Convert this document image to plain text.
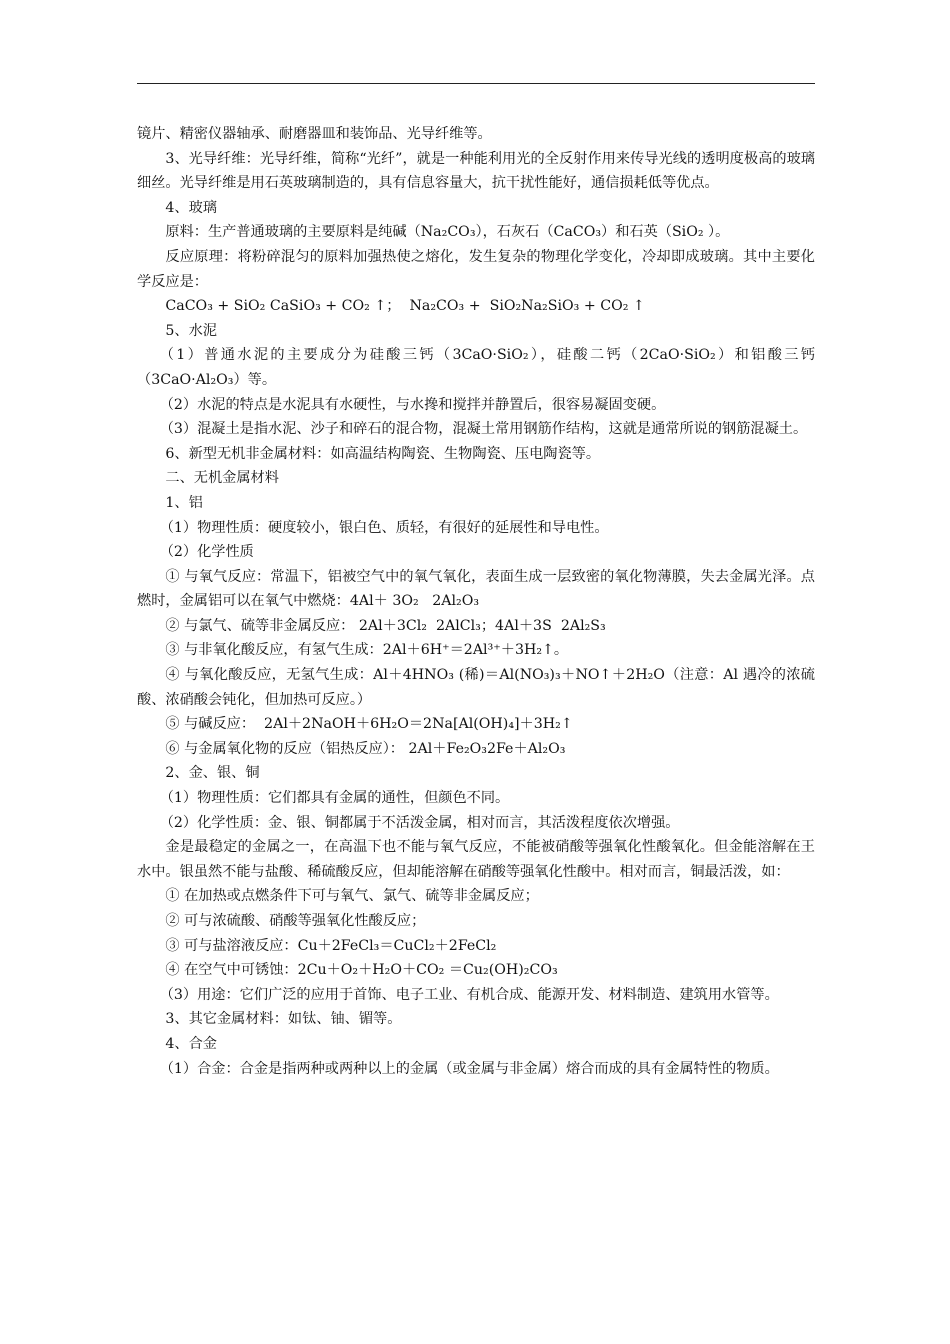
镜片、精密仪器轴承、耐磨器皿和装饰品、光导纤维等。

3、光导纤维：光导纤维，简称“光纤”，就是一种能利用光的全反射作用来传导光线的透明度极高的玻璃细丝。光导纤维是用石英玻璃制造的，具有信息容量大，抗干扰性能好，通信损耗低等优点。

4、玻璃

原料：生产普通玻璃的主要原料是纯碱（Na₂CO₃），石灰石（CaCO₃）和石英（SiO₂ ）。

反应原理：将粉碎混匀的原料加强热使之熔化，发生复杂的物理化学变化，冷却即成玻璃。其中主要化学反应是：

CaCO₃ + SiO₂ CaSiO₃ + CO₂ ↑；  Na₂CO₃ +  SiO₂Na₂SiO₃ + CO₂ ↑

5、水泥

（1）普通水泥的主要成分为硅酸三钙（3CaO·SiO₂），硅酸二钙（2CaO·SiO₂）和铝酸三钙（3CaO·Al₂O₃）等。

（2）水泥的特点是水泥具有水硬性，与水搀和搅拌并静置后，很容易凝固变硬。

（3）混凝土是指水泥、沙子和碎石的混合物，混凝土常用钢筋作结构，这就是通常所说的钢筋混凝土。

6、新型无机非金属材料：如高温结构陶瓷、生物陶瓷、压电陶瓷等。

二、无机金属材料

1、铝

（1）物理性质：硬度较小，银白色、质轻，有很好的延展性和导电性。

（2）化学性质

① 与氧气反应：常温下，铝被空气中的氧气氧化，表面生成一层致密的氧化物薄膜，失去金属光泽。点燃时，金属铝可以在氧气中燃烧：4Al＋ 3O₂   2Al₂O₃

② 与氯气、硫等非金属反应： 2Al＋3Cl₂  2AlCl₃；4Al＋3S  2Al₂S₃

③ 与非氧化酸反应，有氢气生成：2Al＋6H⁺＝2Al³⁺＋3H₂↑。

④ 与氧化酸反应，无氢气生成：Al＋4HNO₃ (稀)＝Al(NO₃)₃＋NO↑＋2H₂O（注意：Al 遇冷的浓硫酸、浓硝酸会钝化，但加热可反应。）

⑤ 与碱反应：  2Al＋2NaOH＋6H₂O＝2Na[Al(OH)₄]＋3H₂↑

⑥ 与金属氧化物的反应（铝热反应）： 2Al＋Fe₂O₃2Fe＋Al₂O₃

2、金、银、铜

（1）物理性质：它们都具有金属的通性，但颜色不同。

（2）化学性质：金、银、铜都属于不活泼金属，相对而言，其活泼程度依次增强。

金是最稳定的金属之一，在高温下也不能与氧气反应，不能被硝酸等强氧化性酸氧化。但金能溶解在王水中。银虽然不能与盐酸、稀硫酸反应，但却能溶解在硝酸等强氧化性酸中。相对而言，铜最活泼，如：

① 在加热或点燃条件下可与氧气、氯气、硫等非金属反应；

② 可与浓硫酸、硝酸等强氧化性酸反应；

③ 可与盐溶液反应：Cu＋2FeCl₃＝CuCl₂＋2FeCl₂

④ 在空气中可锈蚀：2Cu＋O₂＋H₂O＋CO₂ ＝Cu₂(OH)₂CO₃

（3）用途：它们广泛的应用于首饰、电子工业、有机合成、能源开发、材料制造、建筑用水管等。

3、其它金属材料：如钛、铀、镅等。

4、合金

（1）合金：合金是指两种或两种以上的金属（或金属与非金属）熔合而成的具有金属特性的物质。
